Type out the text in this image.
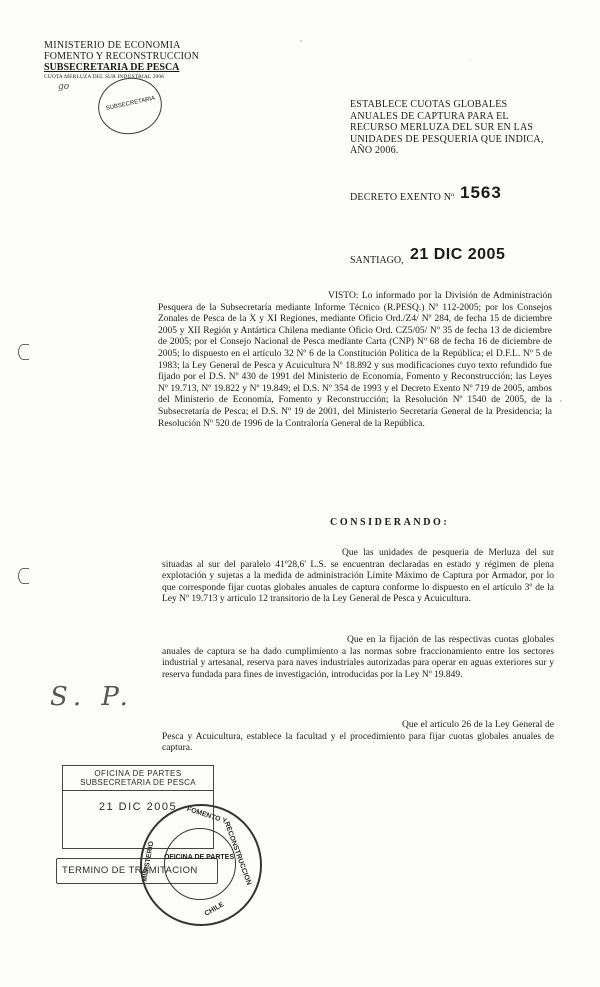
MINISTERIO DE ECONOMIA
FOMENTO Y RECONSTRUCCION
SUBSECRETARIA DE PESCA
CUOTA MERLUZA DEL SUR INDUSTRIAL 2006
go
SUBSECRETARIA	ESTABLECE CUOTAS GLOBALES ANUALES DE CAPTURA PARA EL RECURSO MERLUZA DEL SUR EN LAS UNIDADES DE PESQUERIA QUE INDICA, AÑO 2006.
DECRETO EXENTO Nº 1563
SANTIAGO, 21 DIC 2005
VISTO: Lo informado por la División de Administración Pesquera de la Subsecretaría mediante Informe Técnico (R.PESQ.) Nº 112-2005; por los Consejos Zonales de Pesca de la X y XI Regiones, mediante Oficio Ord./Z4/ Nº 284, de fecha 15 de diciembre 2005 y XII Región y Antártica Chilena mediante Oficio Ord. CZ5/05/ Nº 35 de fecha 13 de diciembre de 2005; por el Consejo Nacional de Pesca mediante Carta (CNP) Nº 68 de fecha 16 de diciembre de 2005; lo dispuesto en el artículo 32 Nº 6 de la Constitución Política de la República; el D.F.L. Nº 5 de 1983; la Ley General de Pesca y Acuicultura Nº 18.892 y sus modificaciones cuyo texto refundido fue fijado por el D.S. Nº 430 de 1991 del Ministerio de Economía, Fomento y Reconstrucción; las Leyes Nº 19.713, Nº 19.822 y Nº 19.849; el D.S. Nº 354 de 1993 y el Decreto Exento Nº 719 de 2005, ambos del Ministerio de Economía, Fomento y Reconstrucción; la Resolución Nº 1540 de 2005, de la Subsecretaría de Pesca; el D.S. Nº 19 de 2001, del Ministerio Secretaría General de la Presidencia; la Resolución Nº 520 de 1996 de la Contraloría General de la República.
CONSIDERANDO:
Que las unidades de pesquería de Merluza del sur situadas al sur del paralelo 41º28,6' L.S. se encuentran declaradas en estado y régimen de plena explotación y sujetas a la medida de administración Límite Máximo de Captura por Armador, por lo que corresponde fijar cuotas globales anuales de captura conforme lo dispuesto en el artículo 3º de la Ley Nº 19.713 y artículo 12 transitorio de la Ley General de Pesca y Acuicultura.
Que en la fijación de las respectivas cuotas globales anuales de captura se ha dado cumplimiento a las normas sobre fraccionamiento entre los sectores industrial y artesanal, reserva para naves industriales autorizadas para operar en aguas exteriores sur y reserva fundada para fines de investigación, introducidas por la Ley Nº 19.849.
Que el artículo 26 de la Ley General de Pesca y Acuicultura, establece la facultad y el procedimiento para fijar cuotas globales anuales de captura.
S. P.
OFICINA DE PARTES
SUBSECRETARIA DE PESCA
21 DIC 2005
TERMINO DE TRAMITACION
FOMENTO Y
RECONSTRUCCION
OFICINA DE PARTES
CHILE
MINISTERIO
